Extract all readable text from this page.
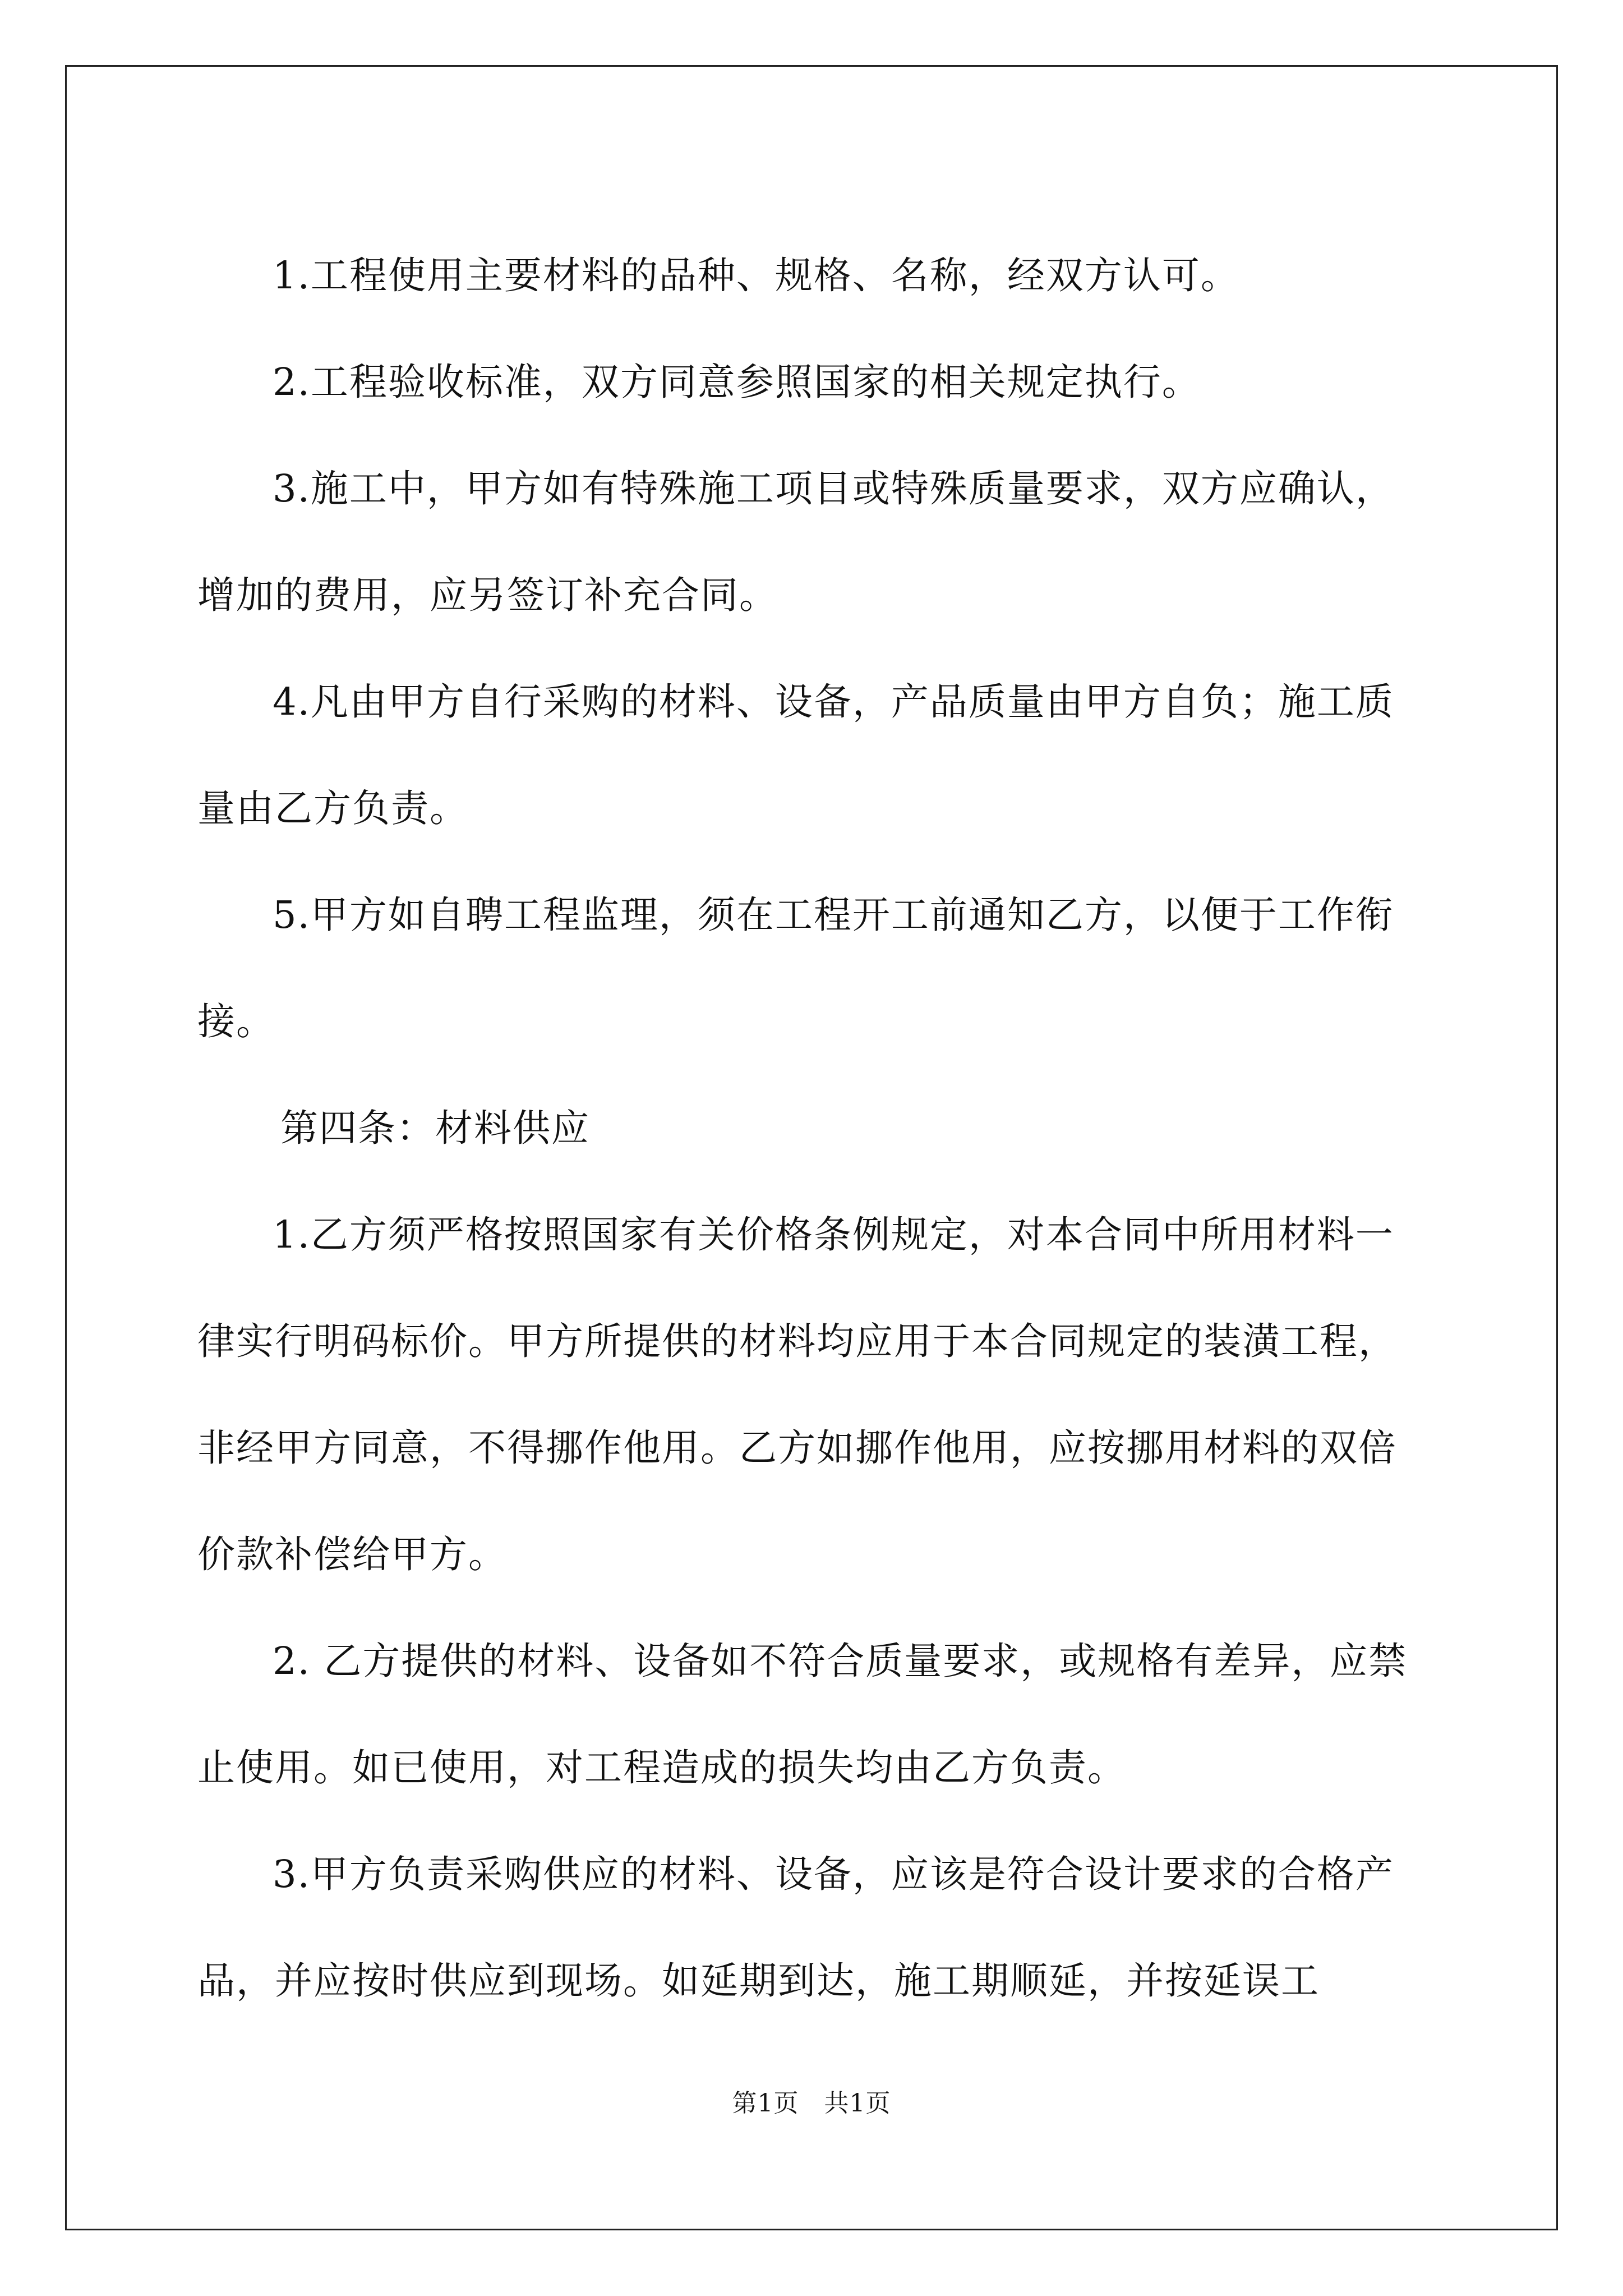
1.工程使用主要材料的品种、规格、名称，经双方认可。

2.工程验收标准，双方同意参照国家的相关规定执行。

3.施工中，甲方如有特殊施工项目或特殊质量要求，双方应确认，增加的费用，应另签订补充合同。

4.凡由甲方自行采购的材料、设备，产品质量由甲方自负；施工质量由乙方负责。

5.甲方如自聘工程监理，须在工程开工前通知乙方，以便于工作衔接。

第四条：材料供应

1.乙方须严格按照国家有关价格条例规定，对本合同中所用材料一律实行明码标价。甲方所提供的材料均应用于本合同规定的装潢工程，非经甲方同意，不得挪作他用。乙方如挪作他用，应按挪用材料的双倍价款补偿给甲方。

2. 乙方提供的材料、设备如不符合质量要求，或规格有差异，应禁止使用。如已使用，对工程造成的损失均由乙方负责。

3.甲方负责采购供应的材料、设备，应该是符合设计要求的合格产品，并应按时供应到现场。如延期到达，施工期顺延，并按延误工

第1页　共1页
